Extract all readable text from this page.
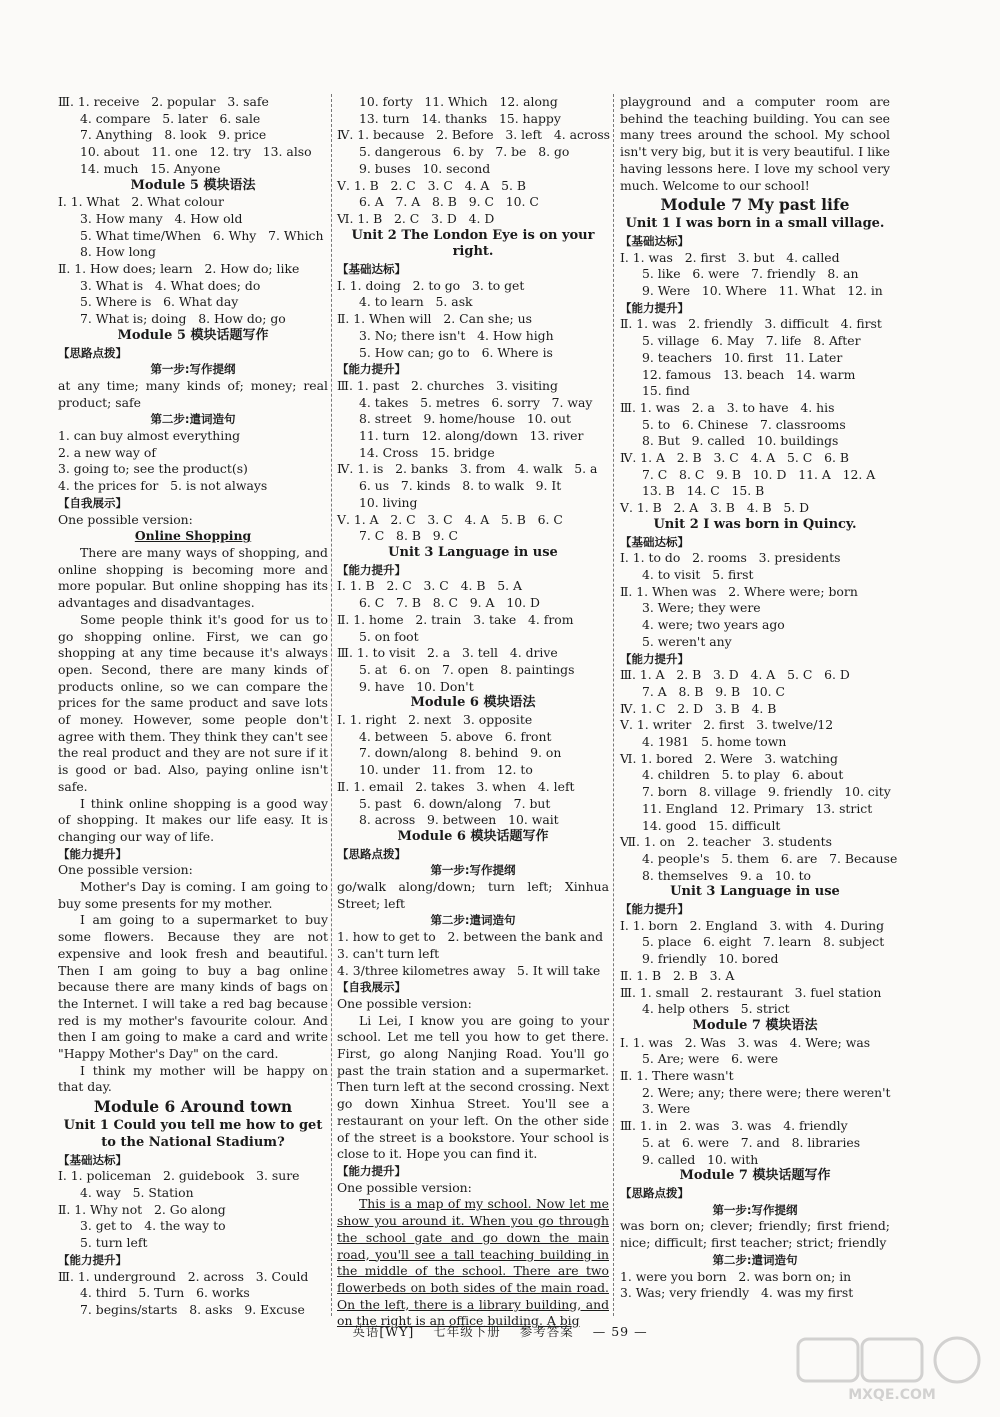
Ⅲ. 1. receive   2. popular   3. safe
4. compare   5. later   6. sale
7. Anything   8. look   9. price
10. about   11. one   12. try   13. also
14. much   15. Anyone
Module 5 模块语法
Ⅰ. 1. What   2. What colour
3. How many   4. How old
5. What time/When   6. Why   7. Which
8. How long
Ⅱ. 1. How does; learn   2. How do; like
3. What is   4. What does; do
5. Where is   6. What day
7. What is; doing   8. How do; go
Module 5 模块话题写作
【思路点拨】
第一步:写作提纲
at any time; many kinds of; money; real product; safe
第二步:遣词造句
1. can buy almost everything
2. a new way of
3. going to; see the product(s)
4. the prices for   5. is not always
【自我展示】
One possible version:
Online Shopping
There are many ways of shopping, and online shopping is becoming more and more popular. But online shopping has its advantages and disadvantages.
Some people think it's good for us to go shopping online. First, we can go shopping at any time because it's always open. Second, there are many kinds of products online, so we can compare the prices for the same product and save lots of money. However, some people don't agree with them. They think they can't see the real product and they are not sure if it is good or bad. Also, paying online isn't safe.
I think online shopping is a good way of shopping. It makes our life easy. It is changing our way of life.
【能力提升】
One possible version:
Mother's Day is coming. I am going to buy some presents for my mother.
I am going to a supermarket to buy some flowers. Because they are not expensive and look fresh and beautiful. Then I am going to buy a bag online because there are many kinds of bags on the Internet. I will take a red bag because red is my mother's favourite colour. And then I am going to make a card and write "Happy Mother's Day" on the card.
I think my mother will be happy on that day.
Module 6 Around town
Unit 1 Could you tell me how to get to the National Stadium?
【基础达标】
Ⅰ. 1. policeman   2. guidebook   3. sure
4. way   5. Station
Ⅱ. 1. Why not   2. Go along
3. get to   4. the way to
5. turn left
【能力提升】
Ⅲ. 1. underground   2. across   3. Could
4. third   5. Turn   6. works
7. begins/starts   8. asks   9. Excuse
10. forty   11. Which   12. along
13. turn   14. thanks   15. happy
Ⅳ. 1. because   2. Before   3. left   4. across
5. dangerous   6. by   7. be   8. go
9. buses   10. second
Ⅴ. 1. B   2. C   3. C   4. A   5. B
6. A   7. A   8. B   9. C   10. C
Ⅵ. 1. B   2. C   3. D   4. D
Unit 2 The London Eye is on your right.
【基础达标】
Ⅰ. 1. doing   2. to go   3. to get
4. to learn   5. ask
Ⅱ. 1. When will   2. Can she; us
3. No; there isn't   4. How high
5. How can; go to   6. Where is
【能力提升】
Ⅲ. 1. past   2. churches   3. visiting
4. takes   5. metres   6. sorry   7. way
8. street   9. home/house   10. out
11. turn   12. along/down   13. river
14. Cross   15. bridge
Ⅳ. 1. is   2. banks   3. from   4. walk   5. a
6. us   7. kinds   8. to walk   9. It
10. living
Ⅴ. 1. A   2. C   3. C   4. A   5. B   6. C
7. C   8. B   9. C
Unit 3 Language in use
【能力提升】
Ⅰ. 1. B   2. C   3. C   4. B   5. A
6. C   7. B   8. C   9. A   10. D
Ⅱ. 1. home   2. train   3. take   4. from
5. on foot
Ⅲ. 1. to visit   2. a   3. tell   4. drive
5. at   6. on   7. open   8. paintings
9. have   10. Don't
Module 6 模块语法
Ⅰ. 1. right   2. next   3. opposite
4. between   5. above   6. front
7. down/along   8. behind   9. on
10. under   11. from   12. to
Ⅱ. 1. email   2. takes   3. when   4. left
5. past   6. down/along   7. but
8. across   9. between   10. wait
Module 6 模块话题写作
【思路点拨】
第一步:写作提纲
go/walk along/down; turn left; Xinhua Street; left
第二步:遣词造句
1. how to get to   2. between the bank and
3. can't turn left
4. 3/three kilometres away   5. It will take
【自我展示】
One possible version:
Li Lei, I know you are going to your school. Let me tell you how to get there. First, go along Nanjing Road. You'll go past the train station and a supermarket. Then turn left at the second crossing. Next go down Xinhua Street. You'll see a restaurant on your left. On the other side of the street is a bookstore. Your school is close to it. Hope you can find it.
【能力提升】
One possible version:
This is a map of my school. Now let me show you around it. When you go through the school gate and go down the main road, you'll see a tall teaching building in the middle of the school. There are two flowerbeds on both sides of the main road. On the left, there is a library building, and on the right is an office building. A big
playground and a computer room are behind the teaching building. You can see many trees around the school. My school isn't very big, but it is very beautiful. I like having lessons here. I love my school very much. Welcome to our school!
Module 7 My past life
Unit 1 I was born in a small village.
【基础达标】
Ⅰ. 1. was   2. first   3. but   4. called
5. like   6. were   7. friendly   8. an
9. Were   10. Where   11. What   12. in
【能力提升】
Ⅱ. 1. was   2. friendly   3. difficult   4. first
5. village   6. May   7. life   8. After
9. teachers   10. first   11. Later
12. famous   13. beach   14. warm
15. find
Ⅲ. 1. was   2. a   3. to have   4. his
5. to   6. Chinese   7. classrooms
8. But   9. called   10. buildings
Ⅳ. 1. A   2. B   3. C   4. A   5. C   6. B
7. C   8. C   9. B   10. D   11. A   12. A
13. B   14. C   15. B
Ⅴ. 1. B   2. A   3. B   4. B   5. D
Unit 2 I was born in Quincy.
【基础达标】
Ⅰ. 1. to do   2. rooms   3. presidents
4. to visit   5. first
Ⅱ. 1. When was   2. Where were; born
3. Were; they were
4. were; two years ago
5. weren't any
【能力提升】
Ⅲ. 1. A   2. B   3. D   4. A   5. C   6. D
7. A   8. B   9. B   10. C
Ⅳ. 1. C   2. D   3. B   4. B
Ⅴ. 1. writer   2. first   3. twelve/12
4. 1981   5. home town
Ⅵ. 1. bored   2. Were   3. watching
4. children   5. to play   6. about
7. born   8. village   9. friendly   10. city
11. England   12. Primary   13. strict
14. good   15. difficult
Ⅶ. 1. on   2. teacher   3. students
4. people's   5. them   6. are   7. Because
8. themselves   9. a   10. to
Unit 3 Language in use
【能力提升】
Ⅰ. 1. born   2. England   3. with   4. During
5. place   6. eight   7. learn   8. subject
9. friendly   10. bored
Ⅱ. 1. B   2. B   3. A
Ⅲ. 1. small   2. restaurant   3. fuel station
4. help others   5. strict
Module 7 模块语法
Ⅰ. 1. was   2. Was   3. was   4. Were; was
5. Are; were   6. were
Ⅱ. 1. There wasn't
2. Were; any; there were; there weren't
3. Were
Ⅲ. 1. in   2. was   3. was   4. friendly
5. at   6. were   7. and   8. libraries
9. called   10. with
Module 7 模块话题写作
【思路点拨】
第一步:写作提纲
was born on; clever; friendly; first friend; nice; difficult; first teacher; strict; friendly
第二步:遣词造句
1. were you born   2. was born on; in
3. Was; very friendly   4. was my first
英语[WY] 七年级下册 参考答案 — 59 —
MXQE.COM
